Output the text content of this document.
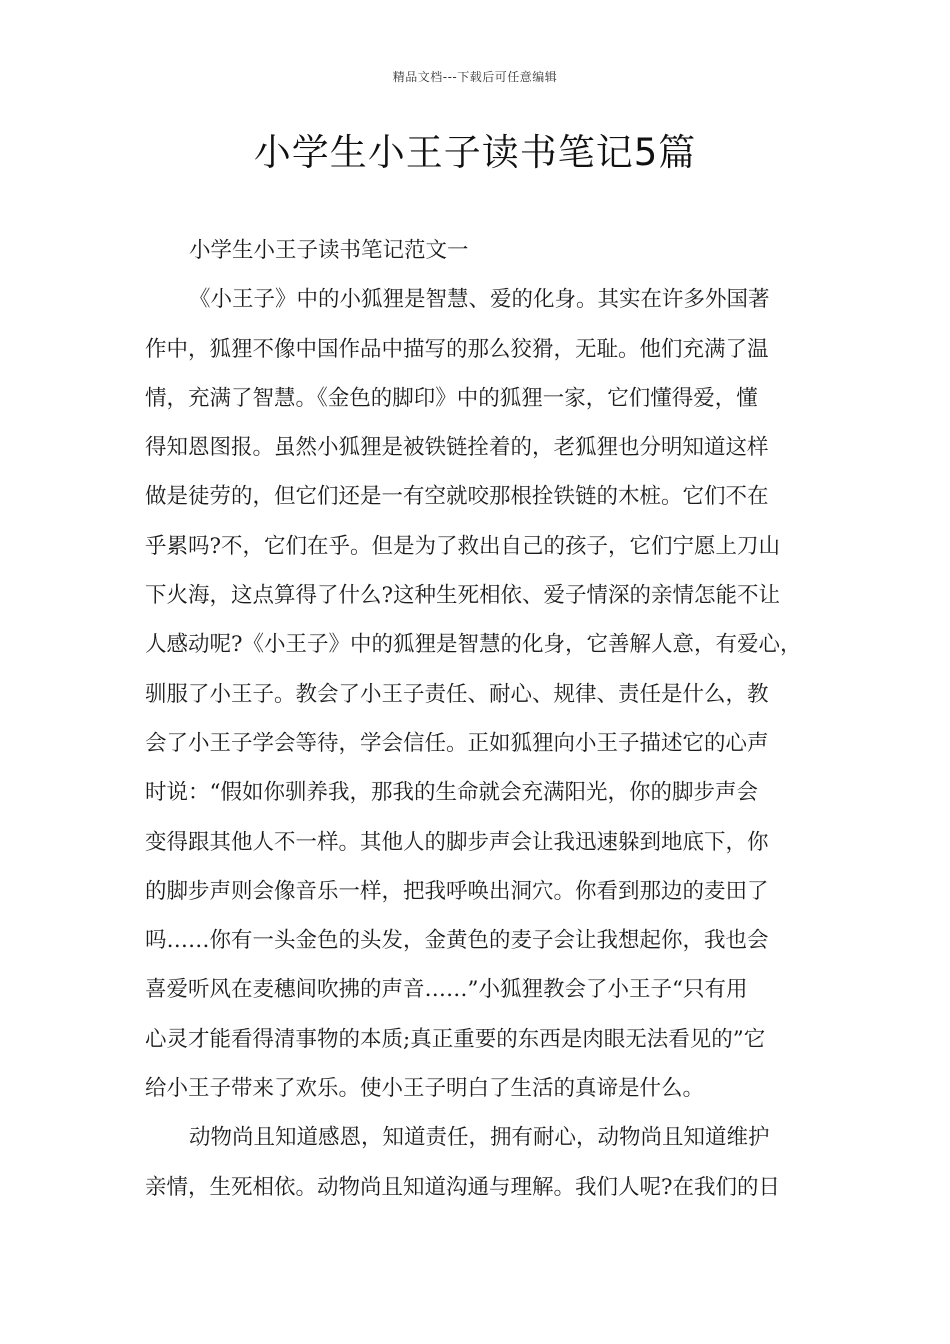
精品文档---下载后可任意编辑
小学生小王子读书笔记5篇
小学生小王子读书笔记范文一
《小王子》中的小狐狸是智慧、爱的化身。其实在许多外国著
作中，狐狸不像中国作品中描写的那么狡猾，无耻。他们充满了温
情，充满了智慧。《金色的脚印》中的狐狸一家，它们懂得爱，懂
得知恩图报。虽然小狐狸是被铁链拴着的，老狐狸也分明知道这样
做是徒劳的，但它们还是一有空就咬那根拴铁链的木桩。它们不在
乎累吗?不，它们在乎。但是为了救出自己的孩子，它们宁愿上刀山
下火海，这点算得了什么?这种生死相依、爱子情深的亲情怎能不让
人感动呢?《小王子》中的狐狸是智慧的化身，它善解人意，有爱心，
驯服了小王子。教会了小王子责任、耐心、规律、责任是什么，教
会了小王子学会等待，学会信任。正如狐狸向小王子描述它的心声
时说：“假如你驯养我，那我的生命就会充满阳光，你的脚步声会
变得跟其他人不一样。其他人的脚步声会让我迅速躲到地底下，你
的脚步声则会像音乐一样，把我呼唤出洞穴。你看到那边的麦田了
吗……你有一头金色的头发，金黄色的麦子会让我想起你，我也会
喜爱听风在麦穗间吹拂的声音……”小狐狸教会了小王子“只有用
心灵才能看得清事物的本质;真正重要的东西是肉眼无法看见的”它
给小王子带来了欢乐。使小王子明白了生活的真谛是什么。
动物尚且知道感恩，知道责任，拥有耐心，动物尚且知道维护
亲情，生死相依。动物尚且知道沟通与理解。我们人呢?在我们的日
